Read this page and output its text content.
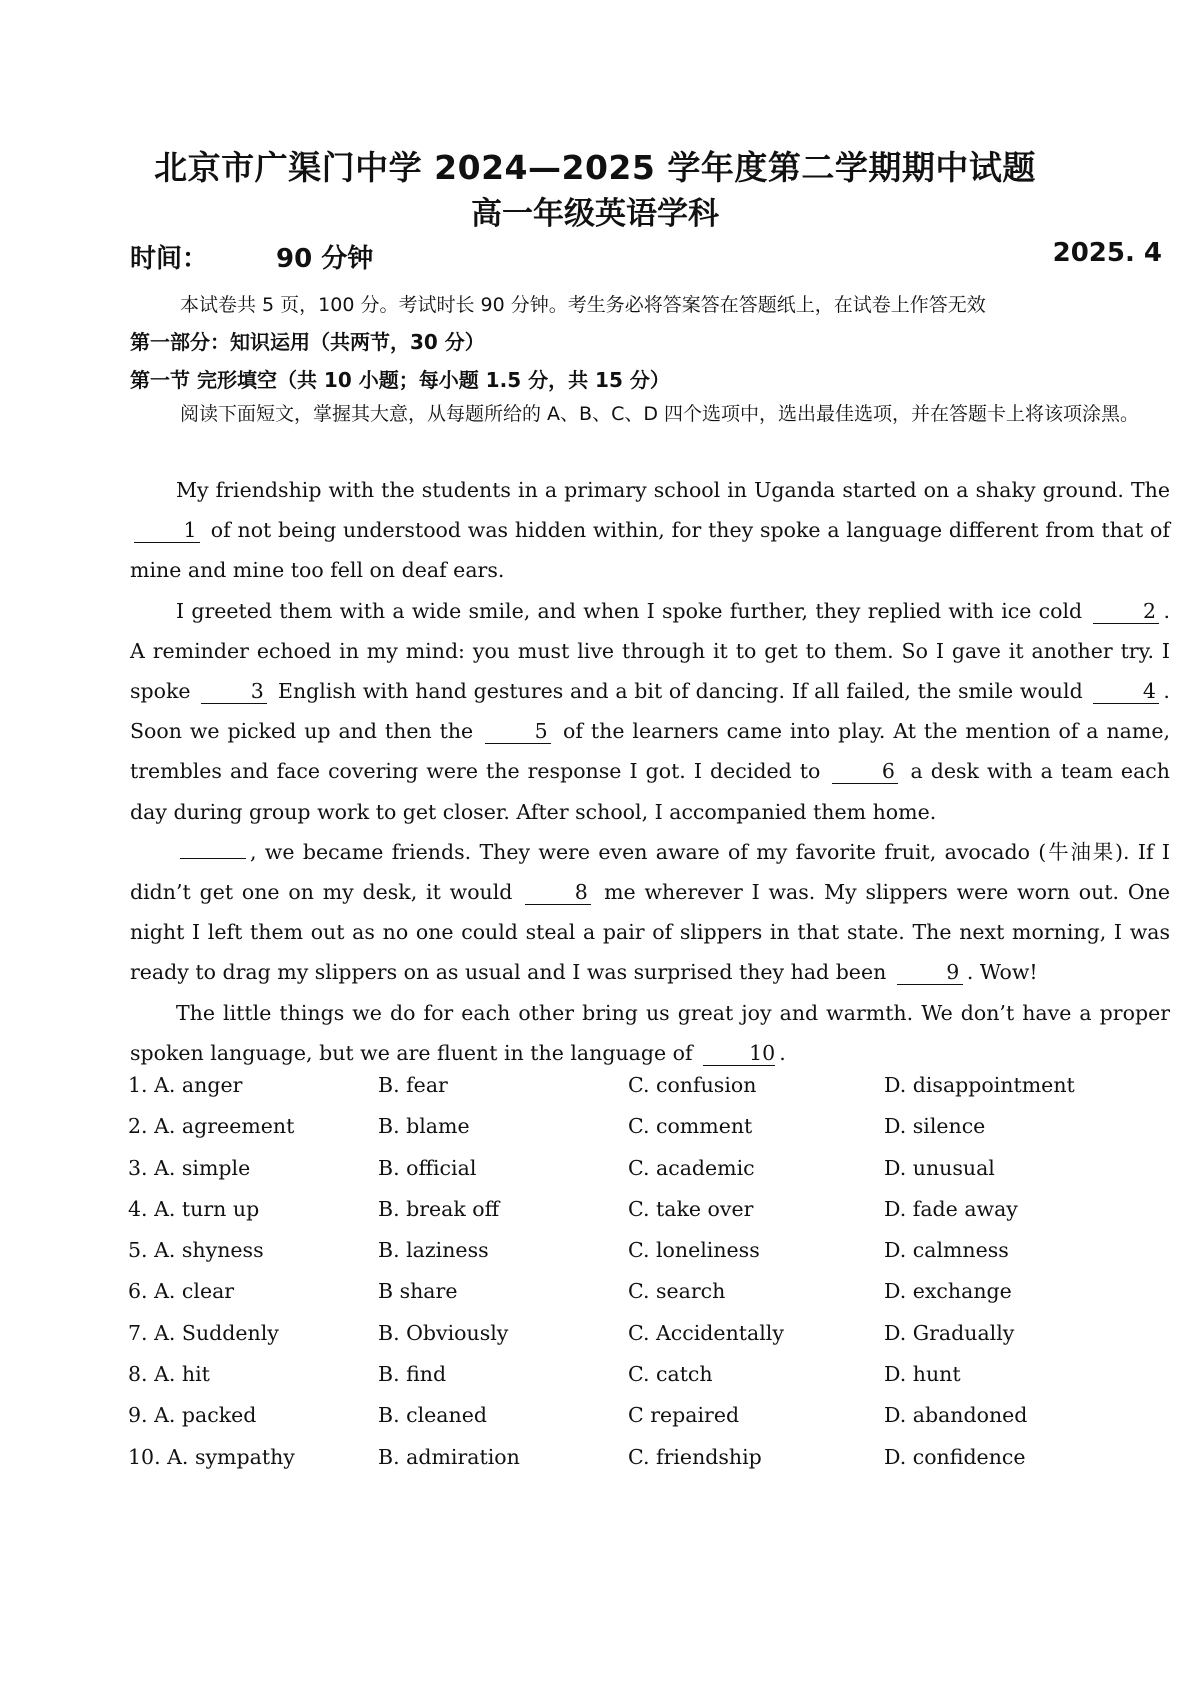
北京市广渠门中学 2024—2025 学年度第二学期期中试题
高一年级英语学科
时间：	90 分钟	2025. 4
本试卷共 5 页，100 分。考试时长 90 分钟。考生务必将答案答在答题纸上，在试卷上作答无效
第一部分：知识运用（共两节，30 分）
第一节 完形填空（共 10 小题；每小题 1.5 分，共 15 分）
阅读下面短文，掌握其大意，从每题所给的 A、B、C、D 四个选项中，选出最佳选项，并在答题卡上将该项涂黑。

My friendship with the students in a primary school in Uganda started on a shaky ground. The 1 of not being understood was hidden within, for they spoke a language different from that of mine and mine too fell on deaf ears.

I greeted them with a wide smile, and when I spoke further, they replied with ice cold	2 . A reminder echoed in my mind: you must live through it to get to them. So I gave it another try. I spoke	3 English with hand gestures and a bit of dancing. If all failed, the smile would	4 . Soon we picked up and then the	5 of the learners came into play. At the mention of a name, trembles and face covering were the response I got. I decided to	6 a desk with a team each day during group work to get closer. After school, I accompanied them home.

, we became friends. They were even aware of my favorite fruit, avocado (牛油果). If I didn’t get one on my desk, it would	8 me wherever I was. My slippers were worn out. One night I left them out as no one could steal a pair of slippers in that state. The next morning, I was ready to drag my slippers on as usual and I was surprised they had been	9 . Wow!

The little things we do for each other bring us great joy and warmth. We don’t have a proper spoken language, but we are fluent in the language of	10 .

1. A. anger	B. fear	C. confusion	D. disappointment
2. A. agreement	B. blame	C. comment	D. silence
3. A. simple	B. official	C. academic	D. unusual
4. A. turn up	B. break off	C. take over	D. fade away
5. A. shyness	B. laziness	C. loneliness	D. calmness
6. A. clear	B share	C. search	D. exchange
7. A. Suddenly	B. Obviously	C. Accidentally	D. Gradually
8. A. hit	B. find	C. catch	D. hunt
9. A. packed	B. cleaned	C repaired	D. abandoned
10. A. sympathy	B. admiration	C. friendship	D. confidence
